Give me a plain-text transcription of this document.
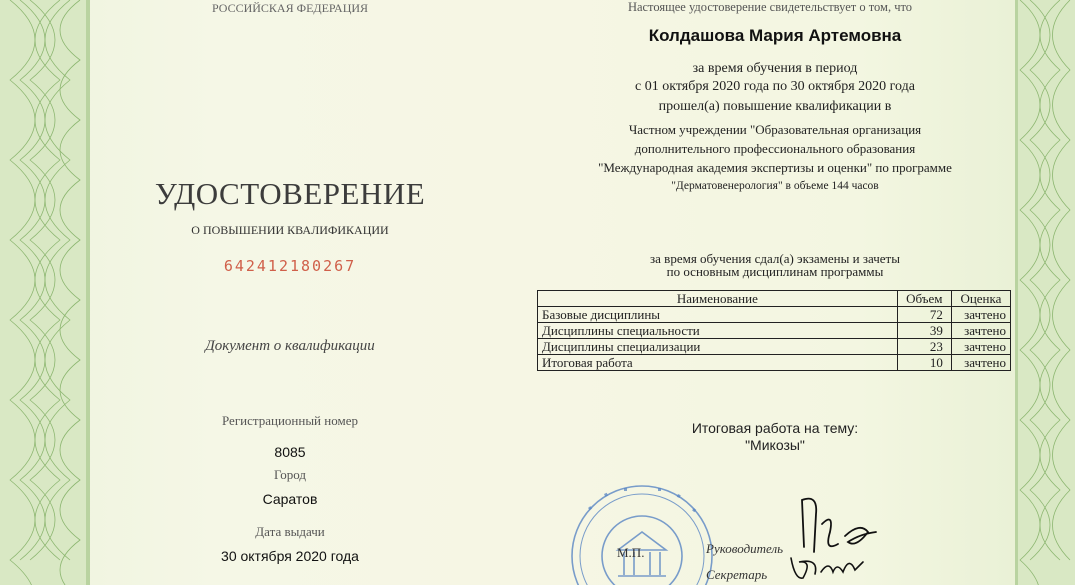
РОССИЙСКАЯ ФЕДЕРАЦИЯ
УДОСТОВЕРЕНИЕ
О ПОВЫШЕНИИ КВАЛИФИКАЦИИ
642412180267
Документ о квалификации
Регистрационный номер
8085
Город
Саратов
Дата выдачи
30 октября 2020 года
Настоящее удостоверение свидетельствует о том, что
Колдашова Мария Артемовна
за время обучения в период
с 01 октября 2020 года по 30 октября 2020 года
прошел(а) повышение квалификации в
Частном учреждении "Образовательная организация
дополнительного профессионального образования
"Международная академия экспертизы и оценки" по программе
"Дерматовенерология" в объеме 144 часов
за время обучения сдал(а) экзамены и зачеты
по основным дисциплинам программы
Наименование	Объем	Оценка
Базовые дисциплины	72	зачтено
Дисциплины специальности	39	зачтено
Дисциплины специализации	23	зачтено
Итоговая работа	10	зачтено
Итоговая работа на тему:
"Микозы"
М.П.	Руководитель
Секретарь
